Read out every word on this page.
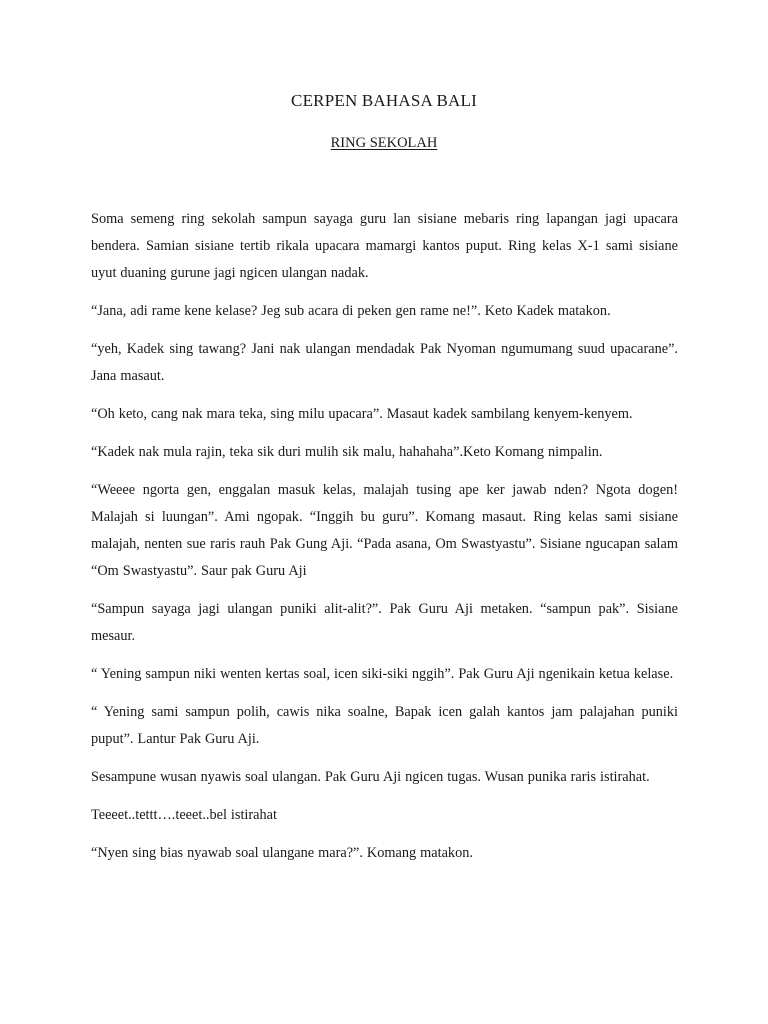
CERPEN BAHASA BALI
RING SEKOLAH

Soma semeng ring sekolah sampun sayaga guru lan sisiane mebaris ring lapangan jagi upacara bendera. Samian sisiane tertib rikala upacara mamargi kantos puput. Ring kelas X-1 sami sisiane uyut duaning gurune jagi ngicen ulangan nadak.

“Jana, adi rame kene kelase? Jeg sub acara di peken gen rame ne!”. Keto Kadek matakon.

“yeh, Kadek sing tawang? Jani nak ulangan mendadak Pak Nyoman ngumumang suud upacarane”. Jana masaut.

“Oh keto, cang nak mara teka, sing milu upacara”. Masaut kadek sambilang kenyem-kenyem.

“Kadek nak mula rajin, teka sik duri mulih sik malu, hahahaha”.Keto Komang nimpalin.

“Weeee ngorta gen, enggalan masuk kelas, malajah tusing ape ker jawab nden? Ngota dogen! Malajah si luungan”. Ami ngopak. “Inggih bu guru”. Komang masaut. Ring kelas sami sisiane malajah, nenten sue raris rauh Pak Gung Aji. “Pada asana, Om Swastyastu”. Sisiane ngucapan salam “Om Swastyastu”. Saur pak Guru Aji

“Sampun sayaga jagi ulangan puniki alit-alit?”. Pak Guru Aji metaken. “sampun pak”. Sisiane mesaur.

“ Yening sampun niki wenten kertas soal, icen siki-siki nggih”. Pak Guru Aji ngenikain ketua kelase.

“ Yening sami sampun polih, cawis nika soalne, Bapak icen galah kantos jam palajahan puniki puput”. Lantur Pak Guru Aji.

Sesampune wusan nyawis soal ulangan. Pak Guru Aji ngicen tugas. Wusan punika raris istirahat.

Teeeet..tettt….teeet..bel istirahat

“Nyen sing bias nyawab soal ulangane mara?”. Komang matakon.
